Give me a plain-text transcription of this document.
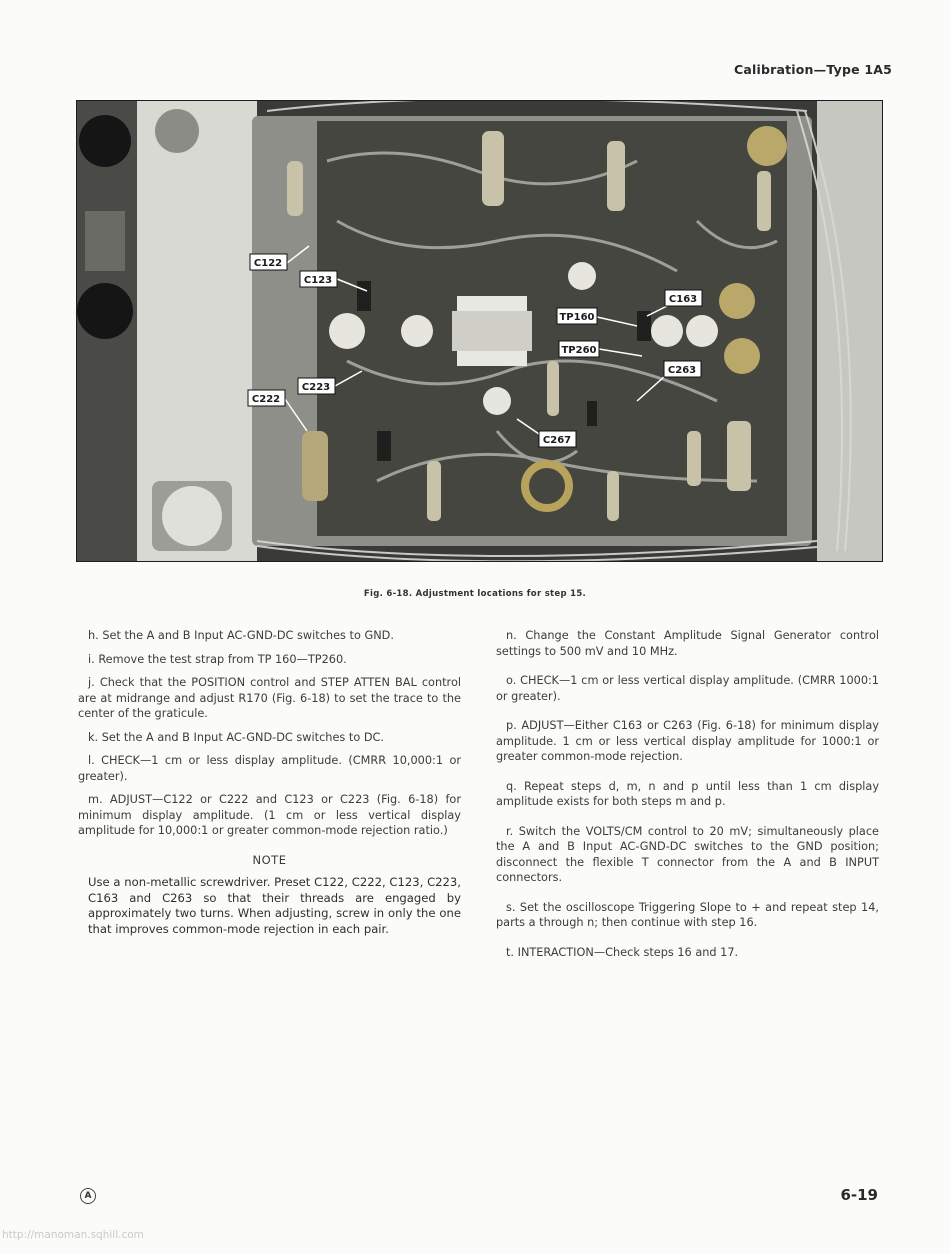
Calibration—Type 1A5
C122
C123
C223
C222
TP160
TP260
C163
C263
C267
Fig. 6-18. Adjustment locations for step 15.

h. Set the A and B Input AC-GND-DC switches to GND.

i. Remove the test strap from TP 160—TP260.

j. Check that the POSITION control and STEP ATTEN BAL control are at midrange and adjust R170 (Fig. 6-18) to set the trace to the center of the graticule.

k. Set the A and B Input AC-GND-DC switches to DC.

l. CHECK—1 cm or less display amplitude. (CMRR 10,000:1 or greater).

m. ADJUST—C122 or C222 and C123 or C223 (Fig. 6-18) for minimum display amplitude. (1 cm or less vertical display amplitude for 10,000:1 or greater common-mode rejection ratio.)

NOTE
Use a non-metallic screwdriver. Preset C122, C222, C123, C223, C163 and C263 so that their threads are engaged by approximately two turns. When adjusting, screw in only the one that improves common-mode rejection in each pair.

n. Change the Constant Amplitude Signal Generator control settings to 500 mV and 10 MHz.

o. CHECK—1 cm or less vertical display amplitude. (CMRR 1000:1 or greater).

p. ADJUST—Either C163 or C263 (Fig. 6-18) for minimum display amplitude. 1 cm or less vertical display amplitude for 1000:1 or greater common-mode rejection.

q. Repeat steps d, m, n and p until less than 1 cm display amplitude exists for both steps m and p.

r. Switch the VOLTS/CM control to 20 mV; simultaneously place the A and B Input AC-GND-DC switches to the GND position; disconnect the flexible T connector from the A and B INPUT connectors.

s. Set the oscilloscope Triggering Slope to + and repeat step 14, parts a through n; then continue with step 16.

t. INTERACTION—Check steps 16 and 17.

A	6-19
http://manoman.sqhill.com
